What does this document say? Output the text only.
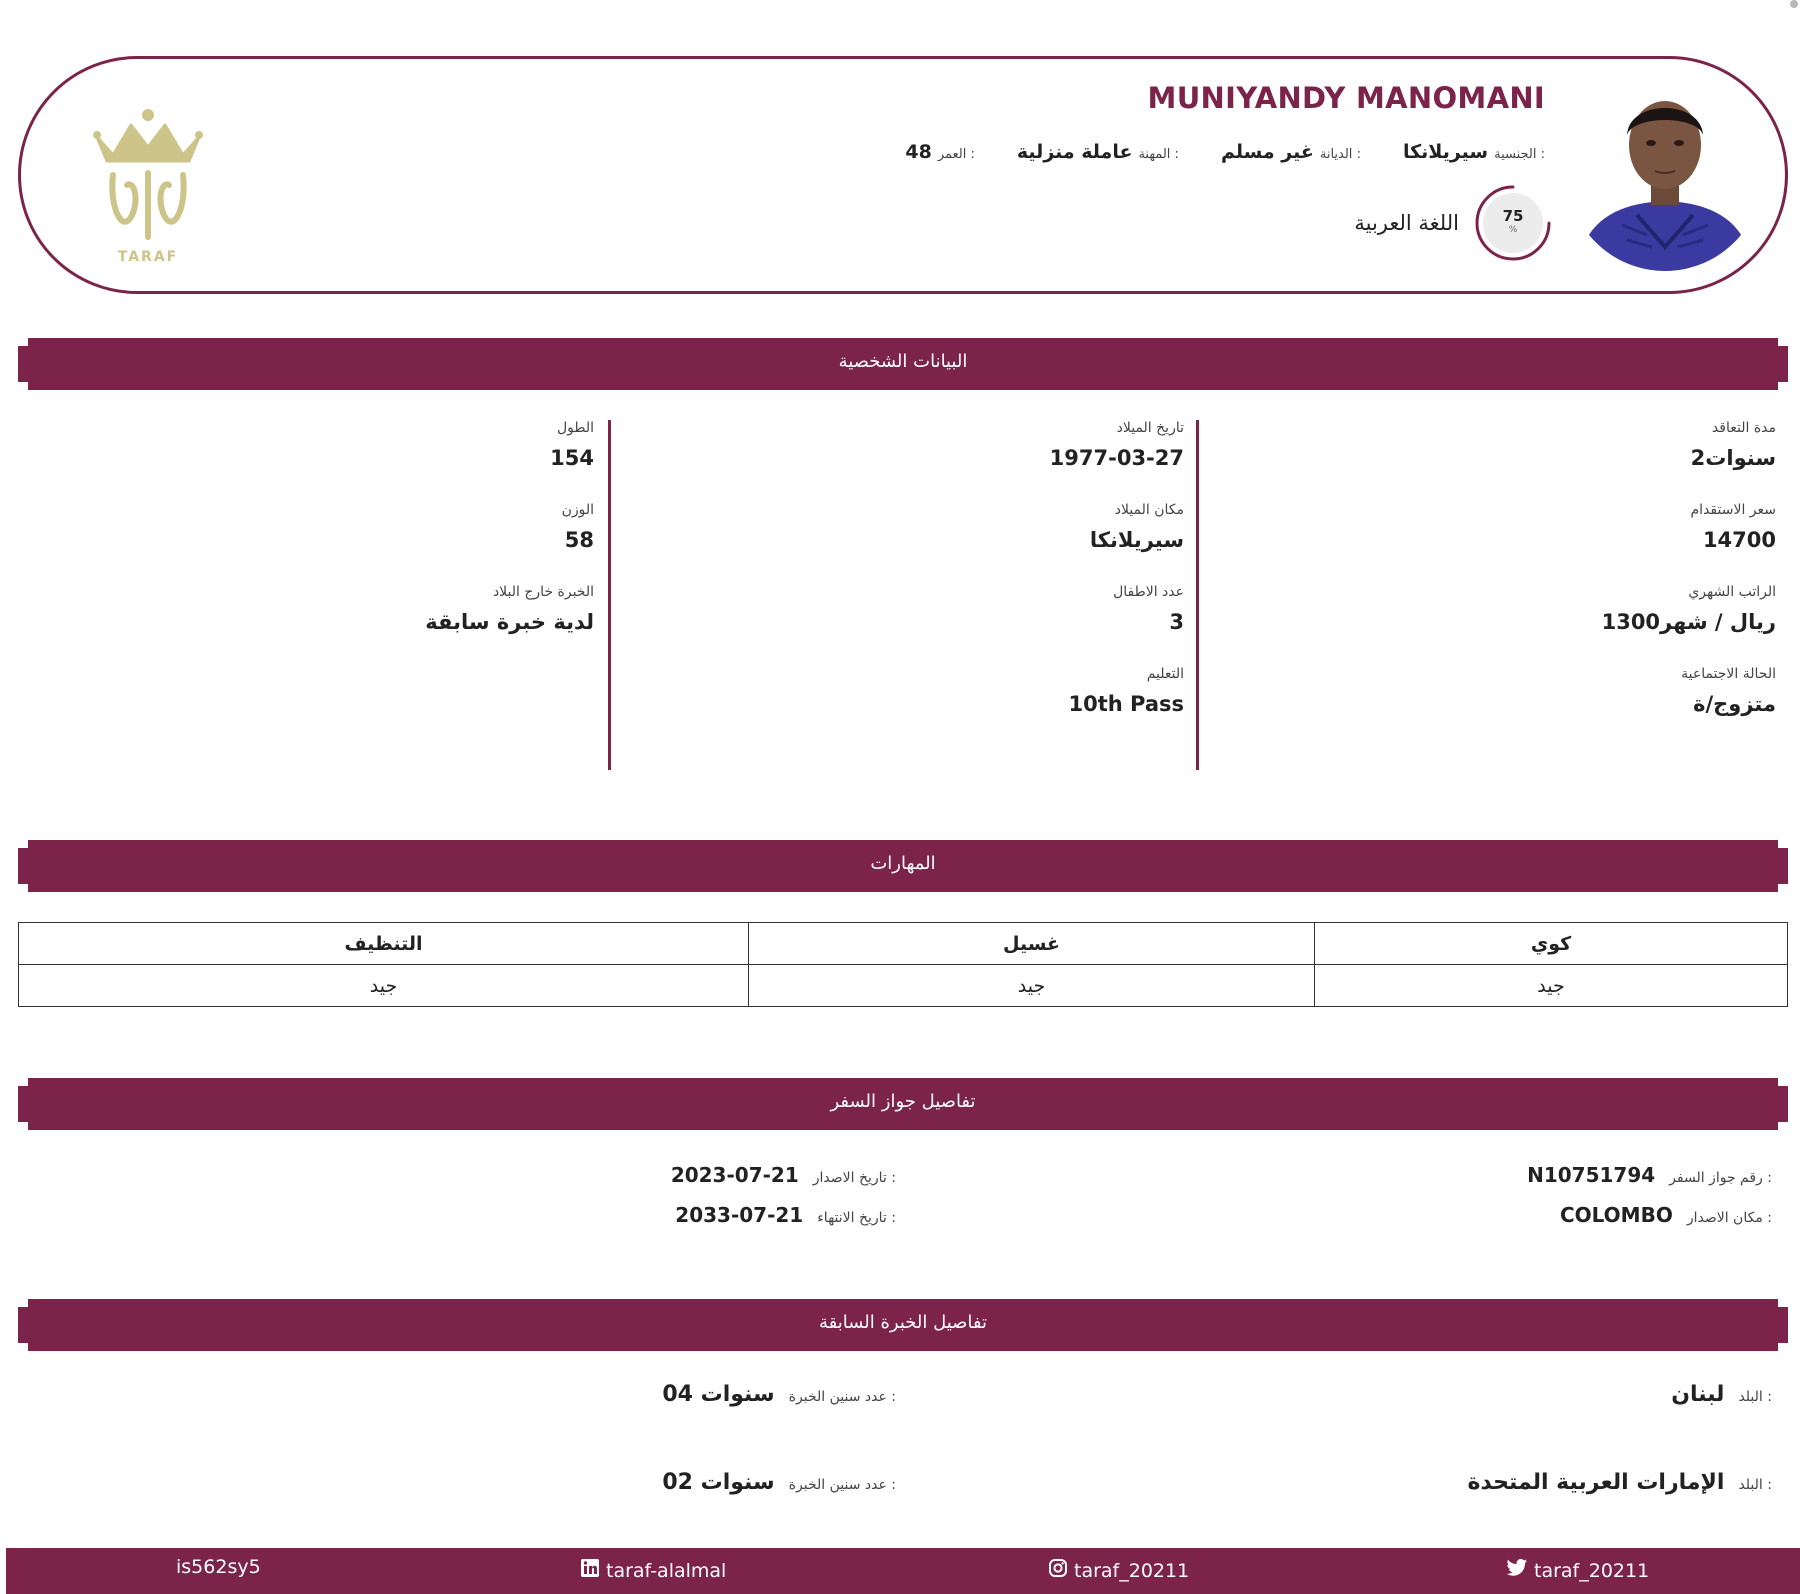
MUNIYANDY MANOMANI
الجنسية :
سيريلانكا
الديانة :
غير مسلم
المهنة :
عاملة منزلية
العمر :
48
75
%
اللغة العربية
TARAF
البيانات الشخصية
مدة التعاقد
2سنوات
سعر الاستقدام
14700
الراتب الشهري
1300ريال / شهر
الحالة الاجتماعية
متزوج/ة
تاريخ الميلاد
1977-03-27
مكان الميلاد
سيريلانكا
عدد الاطفال
3
التعليم
10th Pass
الطول
154
الوزن
58
الخبرة خارج البلاد
لدية خبرة سابقة
المهارات
التنظيف	غسيل	كوي
جيد	جيد	جيد
تفاصيل جواز السفر
رقم جواز السفر :
N10751794
مكان الاصدار :
COLOMBO
تاريخ الاصدار :
2023-07-21
تاريخ الانتهاء :
2033-07-21
تفاصيل الخبرة السابقة
البلد :
لبنان
عدد سنين الخبرة :
04 سنوات
البلد :
الإمارات العربية المتحدة
عدد سنين الخبرة :
02 سنوات
is562sy5	taraf-alalmal	taraf_20211	taraf_20211
